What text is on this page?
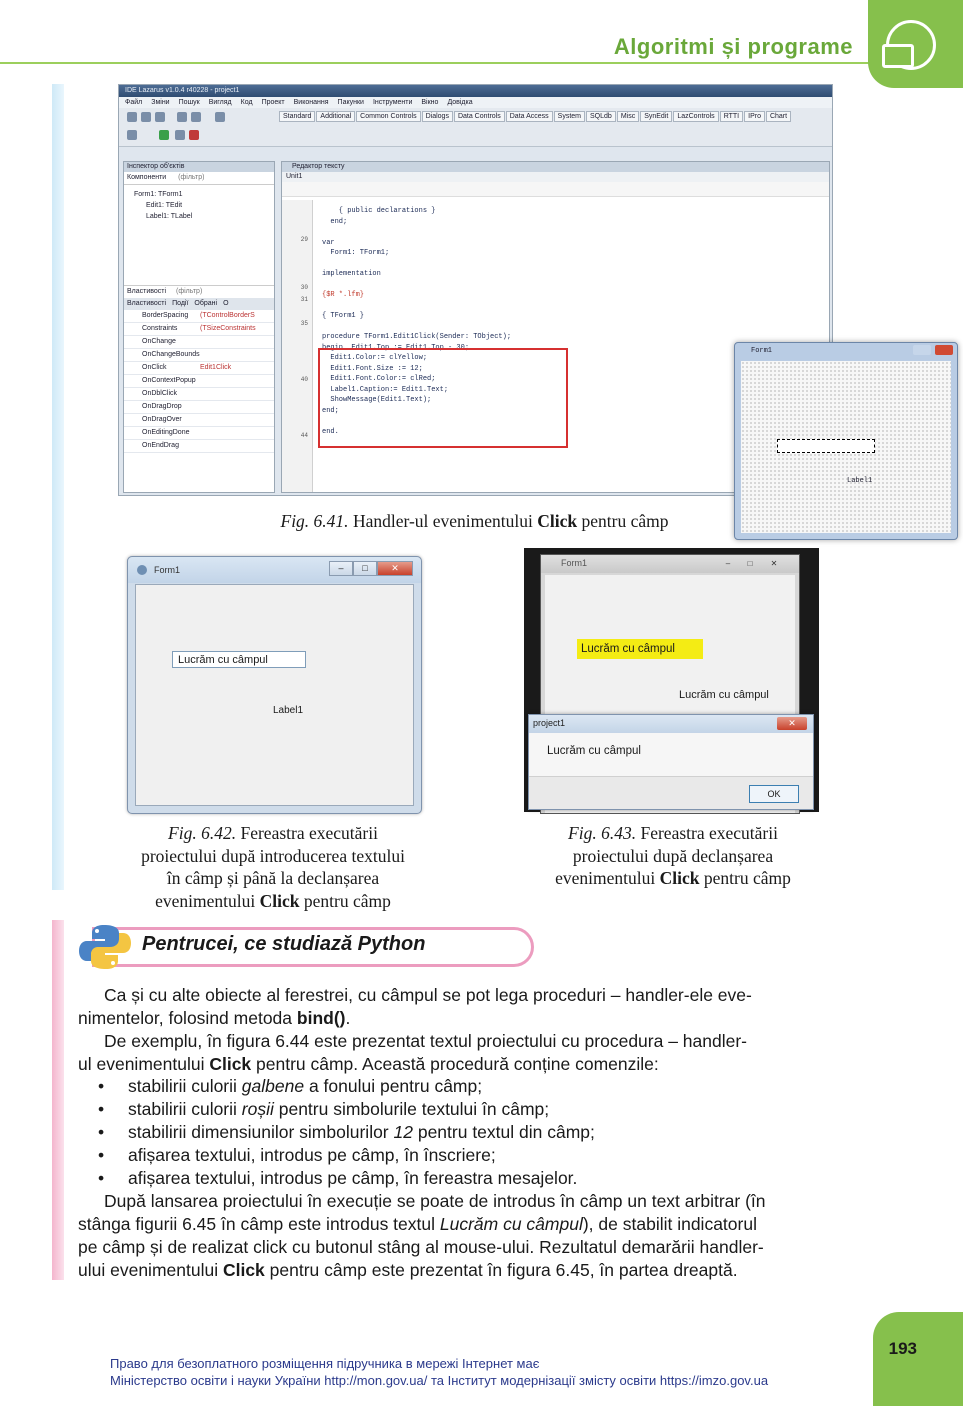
Algoritmi și programe
IDE Lazarus v1.0.4 r40228 - project1
Файл Зміни Пошук Вигляд Код Проект Виконання Пакунки Інструменти Вікно Довідка
Standard Additional Common Controls Dialogs Data Controls Data Access System SQLdb Misc SynEdit LazControls RTTI IPro Chart
Інспектор об'єктів
Компоненти (фільтр)
Form1: TForm1
Edit1: TEdit
Label1: TLabel
Властивості (фільтр)
Властивості Події Обрані О
BorderSpacing (TControlBorderS
Constraints	(TSizeConstraints
OnChange
OnChangeBounds
OnClick	Edit1Click
OnContextPopup
OnDblClick
OnDragDrop
OnDragOver
OnEditingDone
OnEndDrag
Редактор тексту
Unit1
29
30
31
35
40
44
{ public declarations }
end;
var
Form1: TForm1;
implementation
{$R *.lfm}
{ TForm1 }
procedure TForm1.Edit1Click(Sender: TObject);
begin  Edit1.Top := Edit1.Top - 30;
Edit1.Color:= clYellow;
Edit1.Font.Size := 12;
Edit1.Font.Color:= clRed;
Label1.Caption:= Edit1.Text;
ShowMessage(Edit1.Text);
end;
end.
Form1
Label1
Fig. 6.41. Handler-ul evenimentului Click pentru câmp
Form1	–	□	✕
Lucrăm cu câmpul
Label1
Fig. 6.42. Fereastra executării
proiectului după introducerea textului
în câmp și până la declanșarea
evenimentului Click pentru câmp
Form1	–	□	✕
Lucrăm cu câmpul
Lucrăm cu câmpul
project1	✕
Lucrăm cu câmpul
OK
Fig. 6.43. Fereastra executării
proiectului după declanșarea
evenimentului Click pentru câmp
Pentrucei, ce studiază Python
Ca și cu alte obiecte al ferestrei, cu câmpul se pot lega proceduri – handler-ele eve-
nimentelor, folosind metoda bind().
De exemplu, în figura 6.44 este prezentat textul proiectului cu procedura – handler-
ul evenimentului Click pentru câmp. Această procedură conține comenzile:
• stabilirii culorii galbene a fonului pentru câmp;
• stabilirii culorii roșii pentru simbolurile textului în câmp;
• stabilirii dimensiunilor simbolurilor 12 pentru textul din câmp;
• afișarea textului, introdus pe câmp, în înscriere;
• afișarea textului, introdus pe câmp, în fereastra mesajelor.
După lansarea proiectului în execuție se poate de introdus în câmp un text arbitrar (în
stânga figurii 6.45 în câmp este introdus textul Lucrăm cu câmpul), de stabilit indicatorul
pe câmp și de realizat click cu butonul stâng al mouse-ului. Rezultatul demarării handler-
ului evenimentului Click pentru câmp este prezentat în figura 6.45, în partea dreaptă.
193
Право для безоплатного розміщення підручника в мережі Інтернет має
Міністерство освіти і науки України http://mon.gov.ua/ та Інститут модернізації змісту освіти https://imzo.gov.ua
